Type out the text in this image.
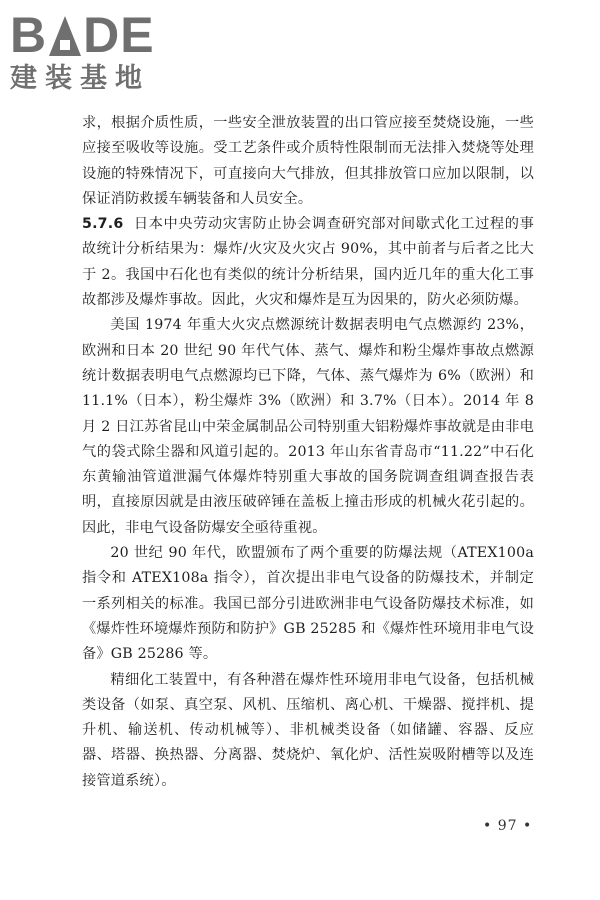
B DE
建装基地

求，根据介质性质，一些安全泄放装置的出口管应接至焚烧设施，一些应接至吸收等设施。受工艺条件或介质特性限制而无法排入焚烧等处理设施的特殊情况下，可直接向大气排放，但其排放管口应加以限制，以保证消防救援车辆装备和人员安全。

5.7.6 日本中央劳动灾害防止协会调查研究部对间歇式化工过程的事故统计分析结果为：爆炸/火灾及火灾占 90%，其中前者与后者之比大于 2。我国中石化也有类似的统计分析结果，国内近几年的重大化工事故都涉及爆炸事故。因此，火灾和爆炸是互为因果的，防火必须防爆。

美国 1974 年重大火灾点燃源统计数据表明电气点燃源约 23%，欧洲和日本 20 世纪 90 年代气体、蒸气、爆炸和粉尘爆炸事故点燃源统计数据表明电气点燃源均已下降，气体、蒸气爆炸为 6%（欧洲）和 11.1%（日本），粉尘爆炸 3%（欧洲）和 3.7%（日本）。2014 年 8 月 2 日江苏省昆山中荣金属制品公司特别重大铝粉爆炸事故就是由非电气的袋式除尘器和风道引起的。2013 年山东省青岛市“11.22”中石化东黄输油管道泄漏气体爆炸特别重大事故的国务院调查组调查报告表明，直接原因就是由液压破碎锤在盖板上撞击形成的机械火花引起的。因此，非电气设备防爆安全亟待重视。

20 世纪 90 年代，欧盟颁布了两个重要的防爆法规（ATEX100a 指令和 ATEX108a 指令），首次提出非电气设备的防爆技术，并制定一系列相关的标准。我国已部分引进欧洲非电气设备防爆技术标准，如《爆炸性环境爆炸预防和防护》GB 25285 和《爆炸性环境用非电气设备》GB 25286 等。

精细化工装置中，有各种潜在爆炸性环境用非电气设备，包括机械类设备（如泵、真空泵、风机、压缩机、离心机、干燥器、搅拌机、提升机、输送机、传动机械等）、非机械类设备（如储罐、容器、反应器、塔器、换热器、分离器、焚烧炉、氧化炉、活性炭吸附槽等以及连接管道系统）。

• 97 •
